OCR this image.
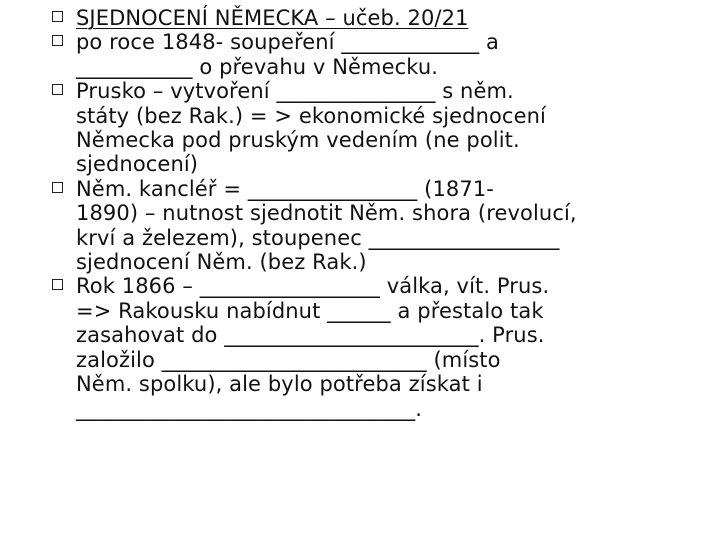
SJEDNOCENÍ NĚMECKA – učeb. 20/21
po roce 1848- soupeření _____________ a
___________ o převahu v Německu.
Prusko – vytvoření _______________ s něm.
státy (bez Rak.) = > ekonomické sjednocení
Německa pod pruským vedením (ne polit.
sjednocení)
Něm. kancléř = ________________ (1871-
1890) – nutnost sjednotit Něm. shora (revolucí,
krví a železem), stoupenec __________________
sjednocení Něm. (bez Rak.)
Rok 1866 – _________________ válka, vít. Prus.
=> Rakousku nabídnut ______ a přestalo tak
zasahovat do ________________________. Prus.
založilo _________________________ (místo
Něm. spolku), ale bylo potřeba získat i
________________________________.
